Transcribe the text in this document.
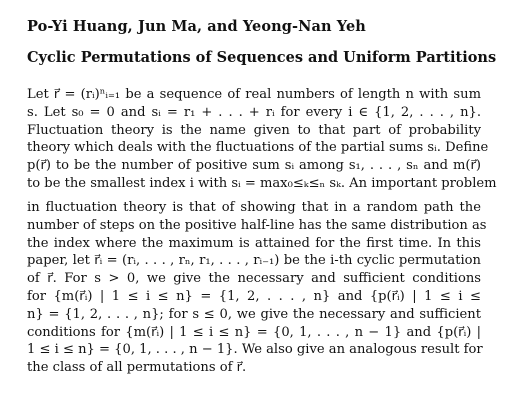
Po-Yi Huang, Jun Ma, and Yeong-Nan Yeh
Cyclic Permutations of Sequences and Uniform Partitions
Let r⃗ = (rᵢ)ⁿᵢ₌₁ be a sequence of real numbers of length n with sum
s. Let s₀ = 0 and sᵢ = r₁ + . . . + rᵢ for every i ∈ {1, 2, . . . , n}.
Fluctuation theory is the name given to that part of probability
theory which deals with the fluctuations of the partial sums sᵢ. Define
p(r⃗) to be the number of positive sum sᵢ among s₁, . . . , sₙ and m(r⃗)
to be the smallest index i with sᵢ = max₀≤ₖ≤ₙ sₖ. An important problem
in fluctuation theory is that of showing that in a random path the
number of steps on the positive half-line has the same distribution as
the index where the maximum is attained for the first time. In this
paper, let r⃗ᵢ = (rᵢ, . . . , rₙ, r₁, . . . , rᵢ₋₁) be the i-th cyclic permutation
of r⃗. For s > 0, we give the necessary and sufficient conditions
for {m(r⃗ᵢ) | 1 ≤ i ≤ n} = {1, 2, . . . , n} and {p(r⃗ᵢ) | 1 ≤ i ≤
n} = {1, 2, . . . , n}; for s ≤ 0, we give the necessary and sufficient
conditions for {m(r⃗ᵢ) | 1 ≤ i ≤ n} = {0, 1, . . . , n − 1} and {p(r⃗ᵢ) |
1 ≤ i ≤ n} = {0, 1, . . . , n − 1}. We also give an analogous result for
the class of all permutations of r⃗.
